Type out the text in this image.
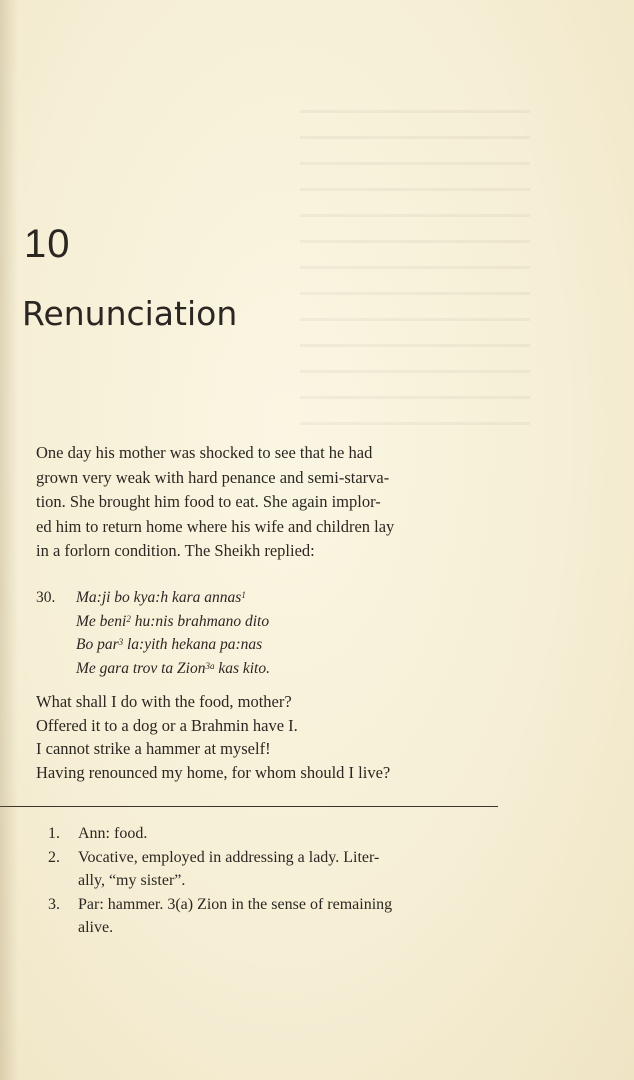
10
Renunciation
One day his mother was shocked to see that he had
grown very weak with hard penance and semi-starva-
tion. She brought him food to eat. She again implor-
ed him to return home where his wife and children lay
in a forlorn condition. The Sheikh replied:
30. Ma:ji bo kya:h kara annas$^1$
Me beni$^2$ hu:nis brahmano dito
Bo par$^3$ la:yith hekana pa:nas
Me gara trov ta Zion$^{3a}$ kas kito.
What shall I do with the food, mother?
Offered it to a dog or a Brahmin have I.
I cannot strike a hammer at myself!
Having renounced my home, for whom should I live?
1. Ann: food.
2. Vocative, employed in addressing a lady. Liter-
ally, “my sister”.
3. Par: hammer. 3(a) Zion in the sense of remaining
alive.
